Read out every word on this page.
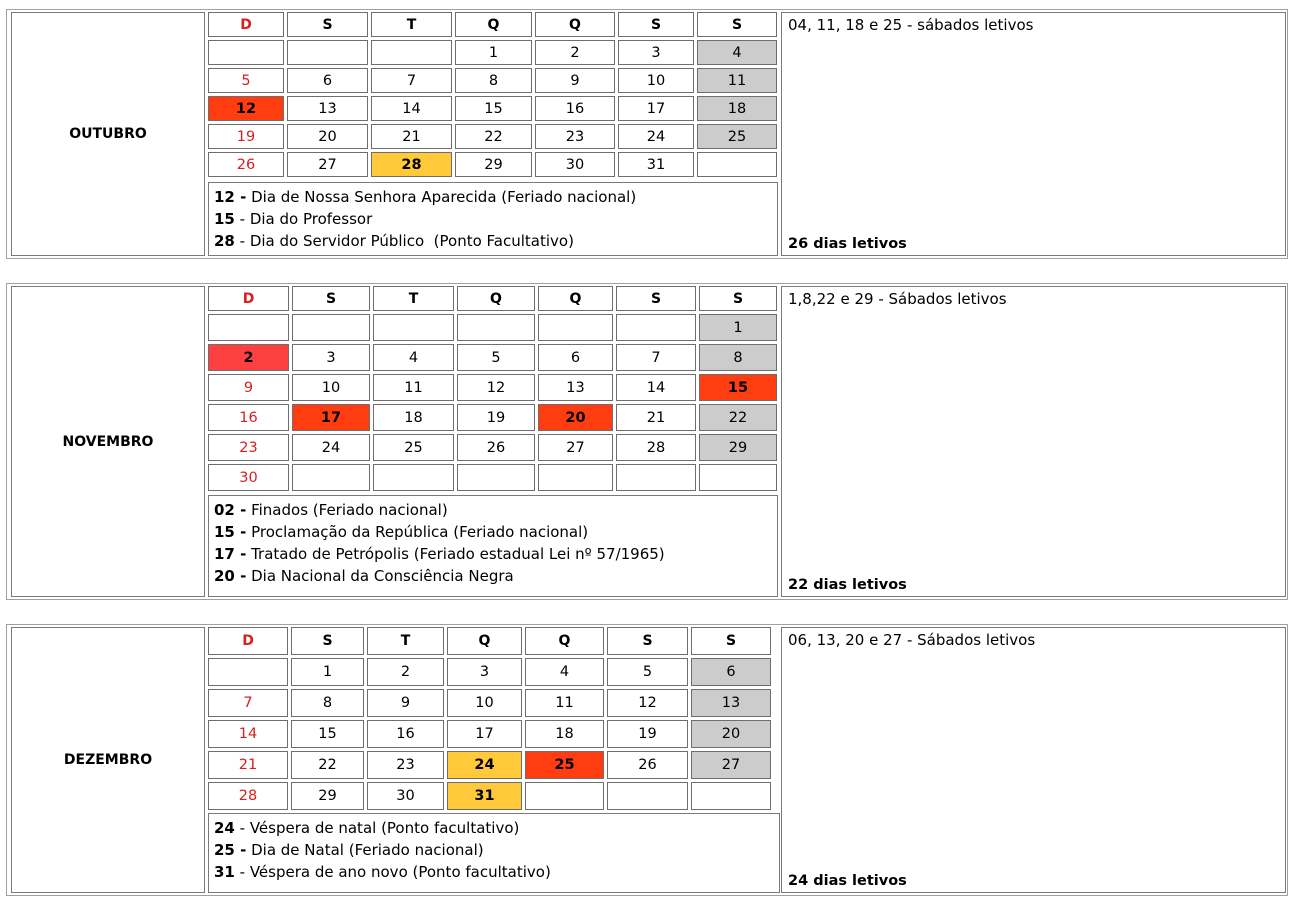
OUTUBRO
D	S	T	Q	Q	S	S
			1	2	3	4
5	6	7	8	9	10	11
12	13	14	15	16	17	18
19	20	21	22	23	24	25
26	27	28	29	30	31	
12 - Dia de Nossa Senhora Aparecida (Feriado nacional)
15 - Dia do Professor
28 - Dia do Servidor Público  (Ponto Facultativo)
04, 11, 18 e 25 - sábados letivos
26 dias letivos
NOVEMBRO
D	S	T	Q	Q	S	S
						1
2	3	4	5	6	7	8
9	10	11	12	13	14	15
16	17	18	19	20	21	22
23	24	25	26	27	28	29
30						
02 - Finados (Feriado nacional)
15 - Proclamação da República (Feriado nacional)
17 - Tratado de Petrópolis (Feriado estadual Lei nº 57/1965)
20 - Dia Nacional da Consciência Negra
1,8,22 e 29 - Sábados letivos
22 dias letivos
DEZEMBRO
D	S	T	Q	Q	S	S
	1	2	3	4	5	6
7	8	9	10	11	12	13
14	15	16	17	18	19	20
21	22	23	24	25	26	27
28	29	30	31			
24 - Véspera de natal (Ponto facultativo)
25 - Dia de Natal (Feriado nacional)
31 - Véspera de ano novo (Ponto facultativo)
06, 13, 20 e 27 - Sábados letivos
24 dias letivos
